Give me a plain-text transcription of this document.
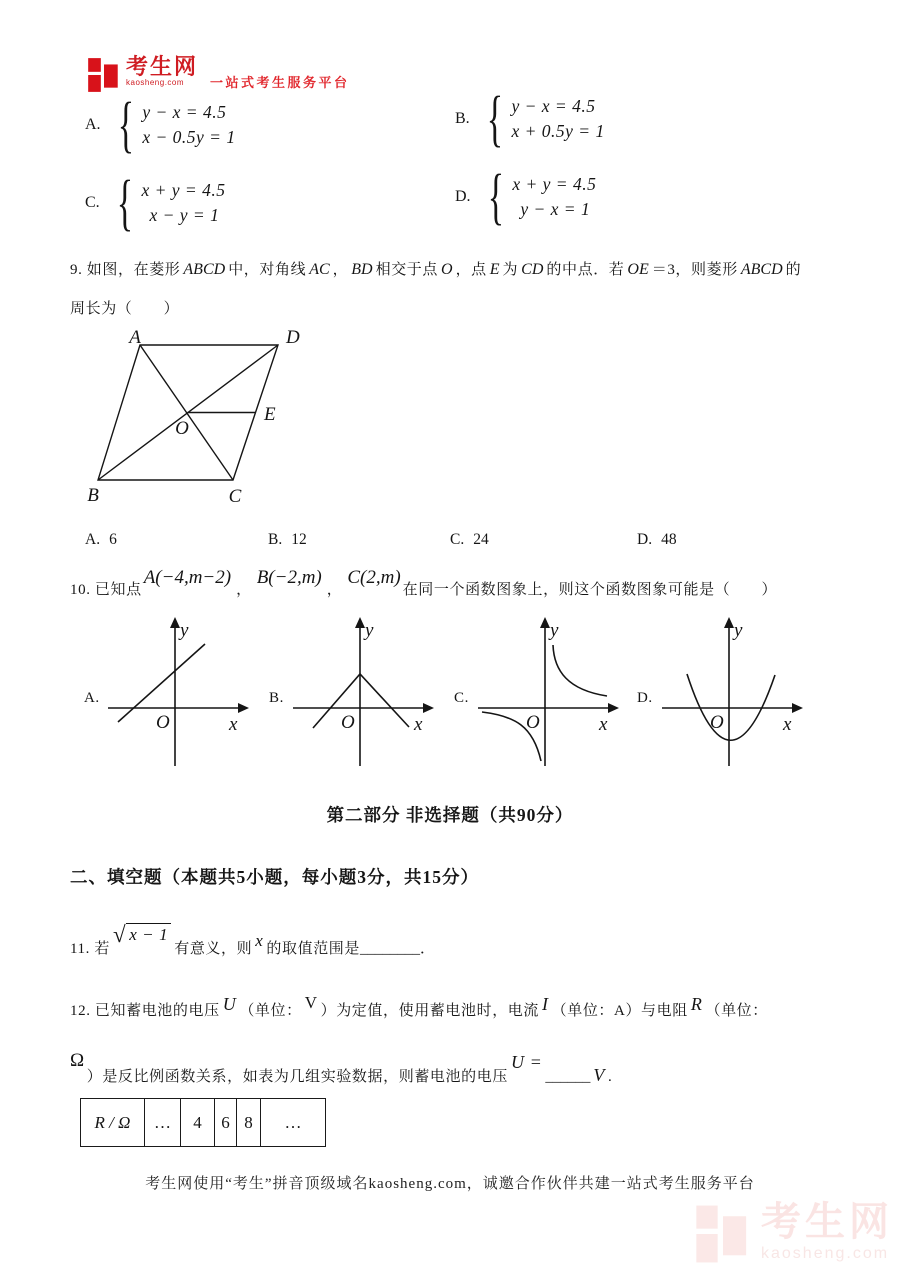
考生网
kaosheng.com	一站式考生服务平台
A. { y − x = 4.5
x − 0.5y = 1
B. { y − x = 4.5
x + 0.5y = 1
C. { x + y = 4.5
x − y = 1
D. { x + y = 4.5
y − x = 1
9. 如图，在菱形 ABCD 中，对角线 AC ， BD 相交于点 O ，点 E 为 CD 的中点．若 OE ＝3，则菱形 ABCD 的
周长为（　　）
A	D
B	C
O
E
A. 6	B. 12	C. 24	D. 48
10. 已知点
A(−4,m−2)
，
B(−2,m)
，
C(2,m)
在同一个函数图象上，则这个函数图象可能是（　　）
A.	B.	C.	D.
x
y
O	x
y
O	x
y
O	x
y
O
第二部分 非选择题（共90分）
二、填空题（本题共5小题，每小题3分，共15分）
11. 若
√ x − 1
有意义，则 x 的取值范围是 ________ ．
12. 已知蓄电池的电压 U （单位： V ）为定值，使用蓄电池时，电流 I （单位：A）与电阻 R （单位：
Ω
）是反比例函数关系，如表为几组实验数据，则蓄电池的电压
U =
______ V .
R / Ω	…	4	6	8	…
考生网使用“考生”拼音顶级域名kaosheng.com，诚邀合作伙伴共建一站式考生服务平台
考生网
kaosheng.com
